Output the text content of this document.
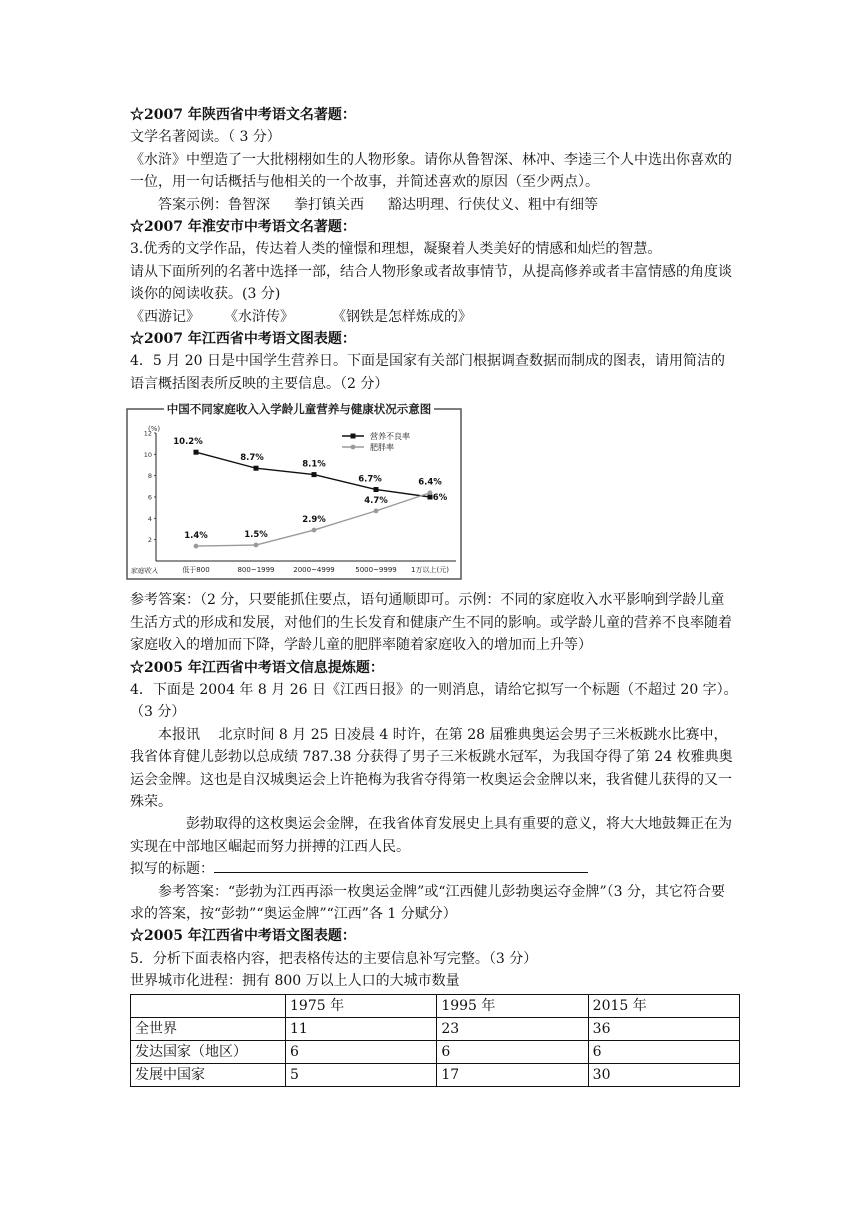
☆2007 年陕西省中考语文名著题：

文学名著阅读。（ 3 分）

《水浒》中塑造了一大批栩栩如生的人物形象。请你从鲁智深、林冲、李逵三个人中选出你喜欢的一位，用一句话概括与他相关的一个故事，并简述喜欢的原因（至少两点）。

答案示例：鲁智深 拳打镇关西 豁达明理、行侠仗义、粗中有细等

☆2007 年淮安市中考语文名著题：

3.优秀的文学作品，传达着人类的憧憬和理想，凝聚着人类美好的情感和灿烂的智慧。

请从下面所列的名著中选择一部，结合人物形象或者故事情节，从提高修养或者丰富情感的角度谈谈你的阅读收获。(3 分)

《西游记》 《水浒传》	《钢铁是怎样炼成的》

☆2007 年江西省中考语文图表题：

4．5 月 20 日是中国学生营养日。下面是国家有关部门根据调查数据而制成的图表，请用简洁的语言概括图表所反映的主要信息。（2 分）

中国不同家庭收入入学龄儿童营养与健康状况示意图
(%)
12
10
8
6
4
2
低于800	800~1999	2000~4999	5000~9999 1万以上(元)
家庭收入
10.2%
8.7%
8.1%
6.7%
6%
1.4%	1.5%
2.9%
4.7%
6.4%
营养不良率
肥胖率

参考答案：（2 分，只要能抓住要点，语句通顺即可。示例：不同的家庭收入水平影响到学龄儿童生活方式的形成和发展，对他们的生长发育和健康产生不同的影响。或学龄儿童的营养不良率随着家庭收入的增加而下降，学龄儿童的肥胖率随着家庭收入的增加而上升等）

☆2005 年江西省中考语文信息提炼题：

4．下面是 2004 年 8 月 26 日《江西日报》的一则消息，请给它拟写一个标题（不超过 20 字）。（3 分）

本报讯　 北京时间 8 月 25 日凌晨 4 时许，在第 28 届雅典奥运会男子三米板跳水比赛中，我省体育健儿彭勃以总成绩 787.38 分获得了男子三米板跳水冠军，为我国夺得了第 24 枚雅典奥运会金牌。这也是自汉城奥运会上许艳梅为我省夺得第一枚奥运会金牌以来，我省健儿获得的又一殊荣。

彭勃取得的这枚奥运会金牌，在我省体育发展史上具有重要的意义，将大大地鼓舞正在为实现在中部地区崛起而努力拼搏的江西人民。

拟写的标题：

参考答案：“彭勃为江西再添一枚奥运金牌”或“江西健儿彭勃奥运夺金牌”（3 分，其它符合要求的答案，按“彭勃”“奥运金牌”“江西”各 1 分赋分）

☆2005 年江西省中考语文图表题：

5．分析下面表格内容，把表格传达的主要信息补写完整。（3 分）

世界城市化进程：拥有 800 万以上人口的大城市数量

	1975 年	1995 年	2015 年
全世界	11	23	36
发达国家（地区）	6	6	6
发展中国家	5	17	30
